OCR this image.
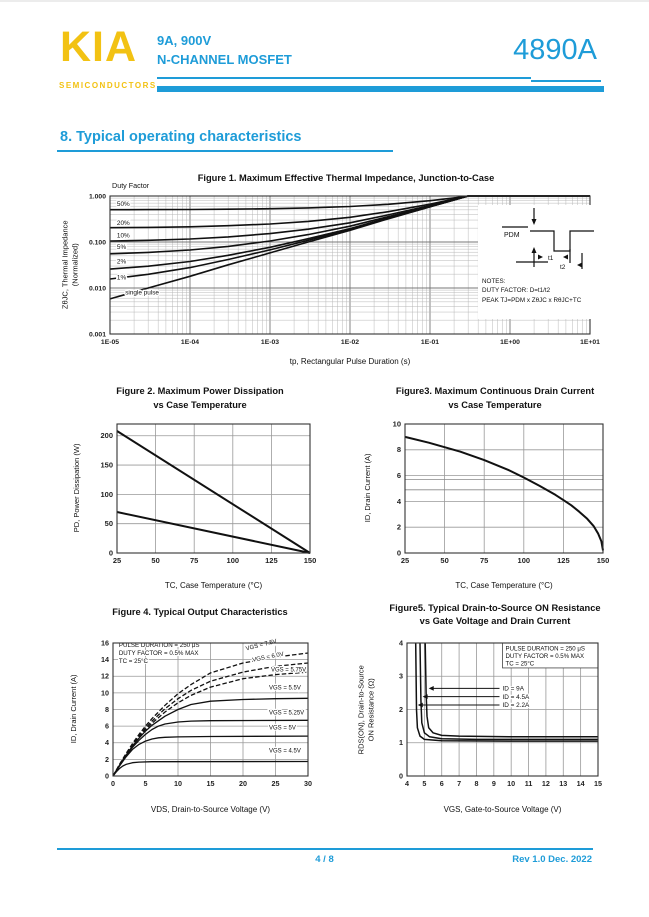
KIA
SEMICONDUCTORS
9A, 900V
N-CHANNEL MOSFET	4890A
8. Typical operating characteristics
Figure 1. Maximum Effective Thermal Impedance, Junction-to-Case
Duty Factor
50%
20%
10%
5%
2%
1%
single pulse
1E-05	1E-04	1E-03	1E-02	1E-01	1E+00	1E+01
1.000
0.100
0.010
0.001
PDM
t1
t2
NOTES:
DUTY FACTOR: D=t1/t2
PEAK TJ=PDM x ZθJC x RθJC+TC
ZθJC, Thermal Impedance (Normalized)
tp, Rectangular Pulse Duration (s)
Figure 2. Maximum Power Dissipation
vs Case Temperature
25	50	75	100	125	150
0
50
100
150
200
PD, Power Dissipation (W)
TC, Case Temperature (°C)
Figure3. Maximum Continuous Drain Current
vs Case Temperature
25	50	75	100	125	150
0
2
4
6
8
10
ID, Drain Current (A)
TC, Case Temperature (°C)
Figure 4. Typical Output Characteristics
VGS = 7.5V
VGS = 6.0V
VGS = 5.75V
VGS = 5.5V
VGS = 5.25V
VGS = 5V
VGS = 4.5V
PULSE DURATION = 250 μS
DUTY FACTOR = 0.5% MAX
TC = 25°C
0	5	10	15	20	25	30
0
2
4
6
8
10
12
14
16
ID, Drain Current (A)
VDS, Drain-to-Source Voltage (V)
Figure5. Typical Drain-to-Source ON Resistance
vs Gate Voltage and Drain Current
PULSE DURATION = 250 μS
DUTY FACTOR = 0.5% MAX
TC = 25°C
ID = 9A
ID = 4.5A
ID = 2.2A
4 5 6 7 8 9 10 11 12 13 14 15
0
1
2
3
4
RDS(ON), Drain-to-Source ON Resistance (Ω)
VGS, Gate-to-Source Voltage (V)
4 / 8	Rev 1.0 Dec. 2022
